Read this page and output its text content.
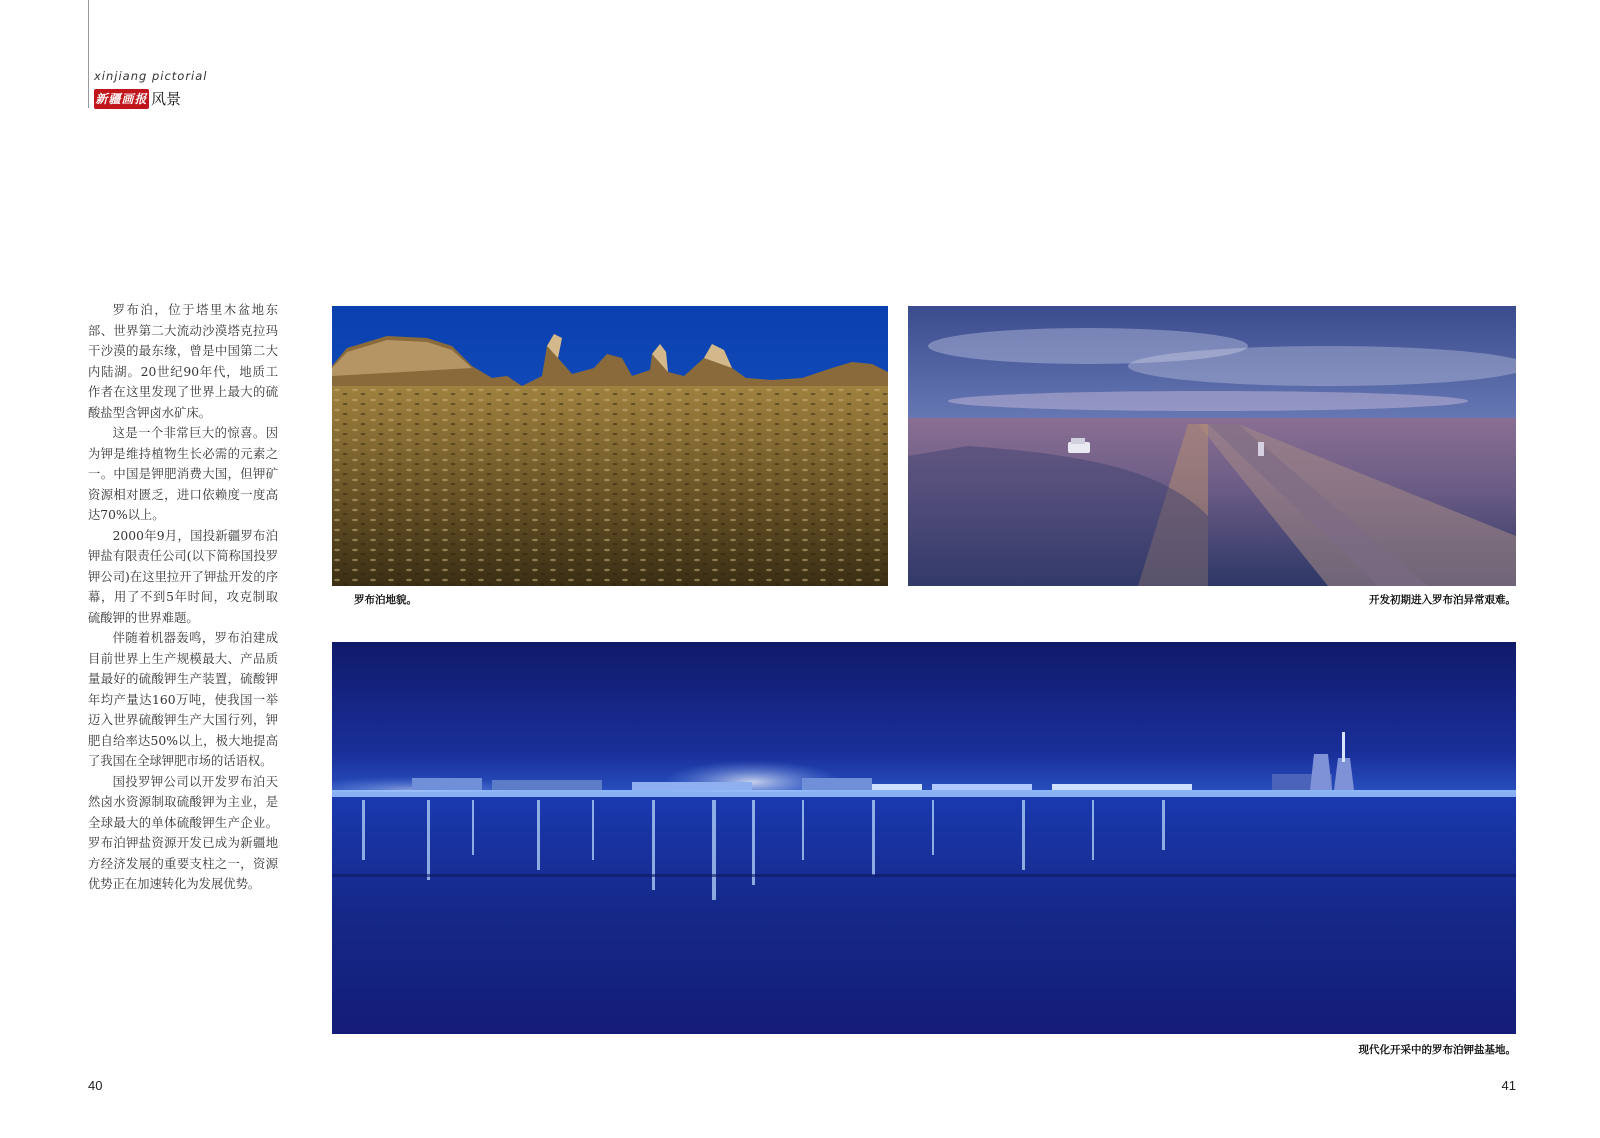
xinjiang pictorial
新疆画报 风景

罗布泊，位于塔里木盆地东部、世界第二大流动沙漠塔克拉玛干沙漠的最东缘，曾是中国第二大内陆湖。20世纪90年代，地质工作者在这里发现了世界上最大的硫酸盐型含钾卤水矿床。

这是一个非常巨大的惊喜。因为钾是维持植物生长必需的元素之一。中国是钾肥消费大国，但钾矿资源相对匮乏，进口依赖度一度高达70%以上。

2000年9月，国投新疆罗布泊钾盐有限责任公司(以下简称国投罗钾公司)在这里拉开了钾盐开发的序幕，用了不到5年时间，攻克制取硫酸钾的世界难题。

伴随着机器轰鸣，罗布泊建成目前世界上生产规模最大、产品质量最好的硫酸钾生产装置，硫酸钾年均产量达160万吨，使我国一举迈入世界硫酸钾生产大国行列，钾肥自给率达50%以上，极大地提高了我国在全球钾肥市场的话语权。

国投罗钾公司以开发罗布泊天然卤水资源制取硫酸钾为主业，是全球最大的单体硫酸钾生产企业。罗布泊钾盐资源开发已成为新疆地方经济发展的重要支柱之一，资源优势正在加速转化为发展优势。

罗布泊地貌。	开发初期进入罗布泊异常艰难。
现代化开采中的罗布泊钾盐基地。
40	41
